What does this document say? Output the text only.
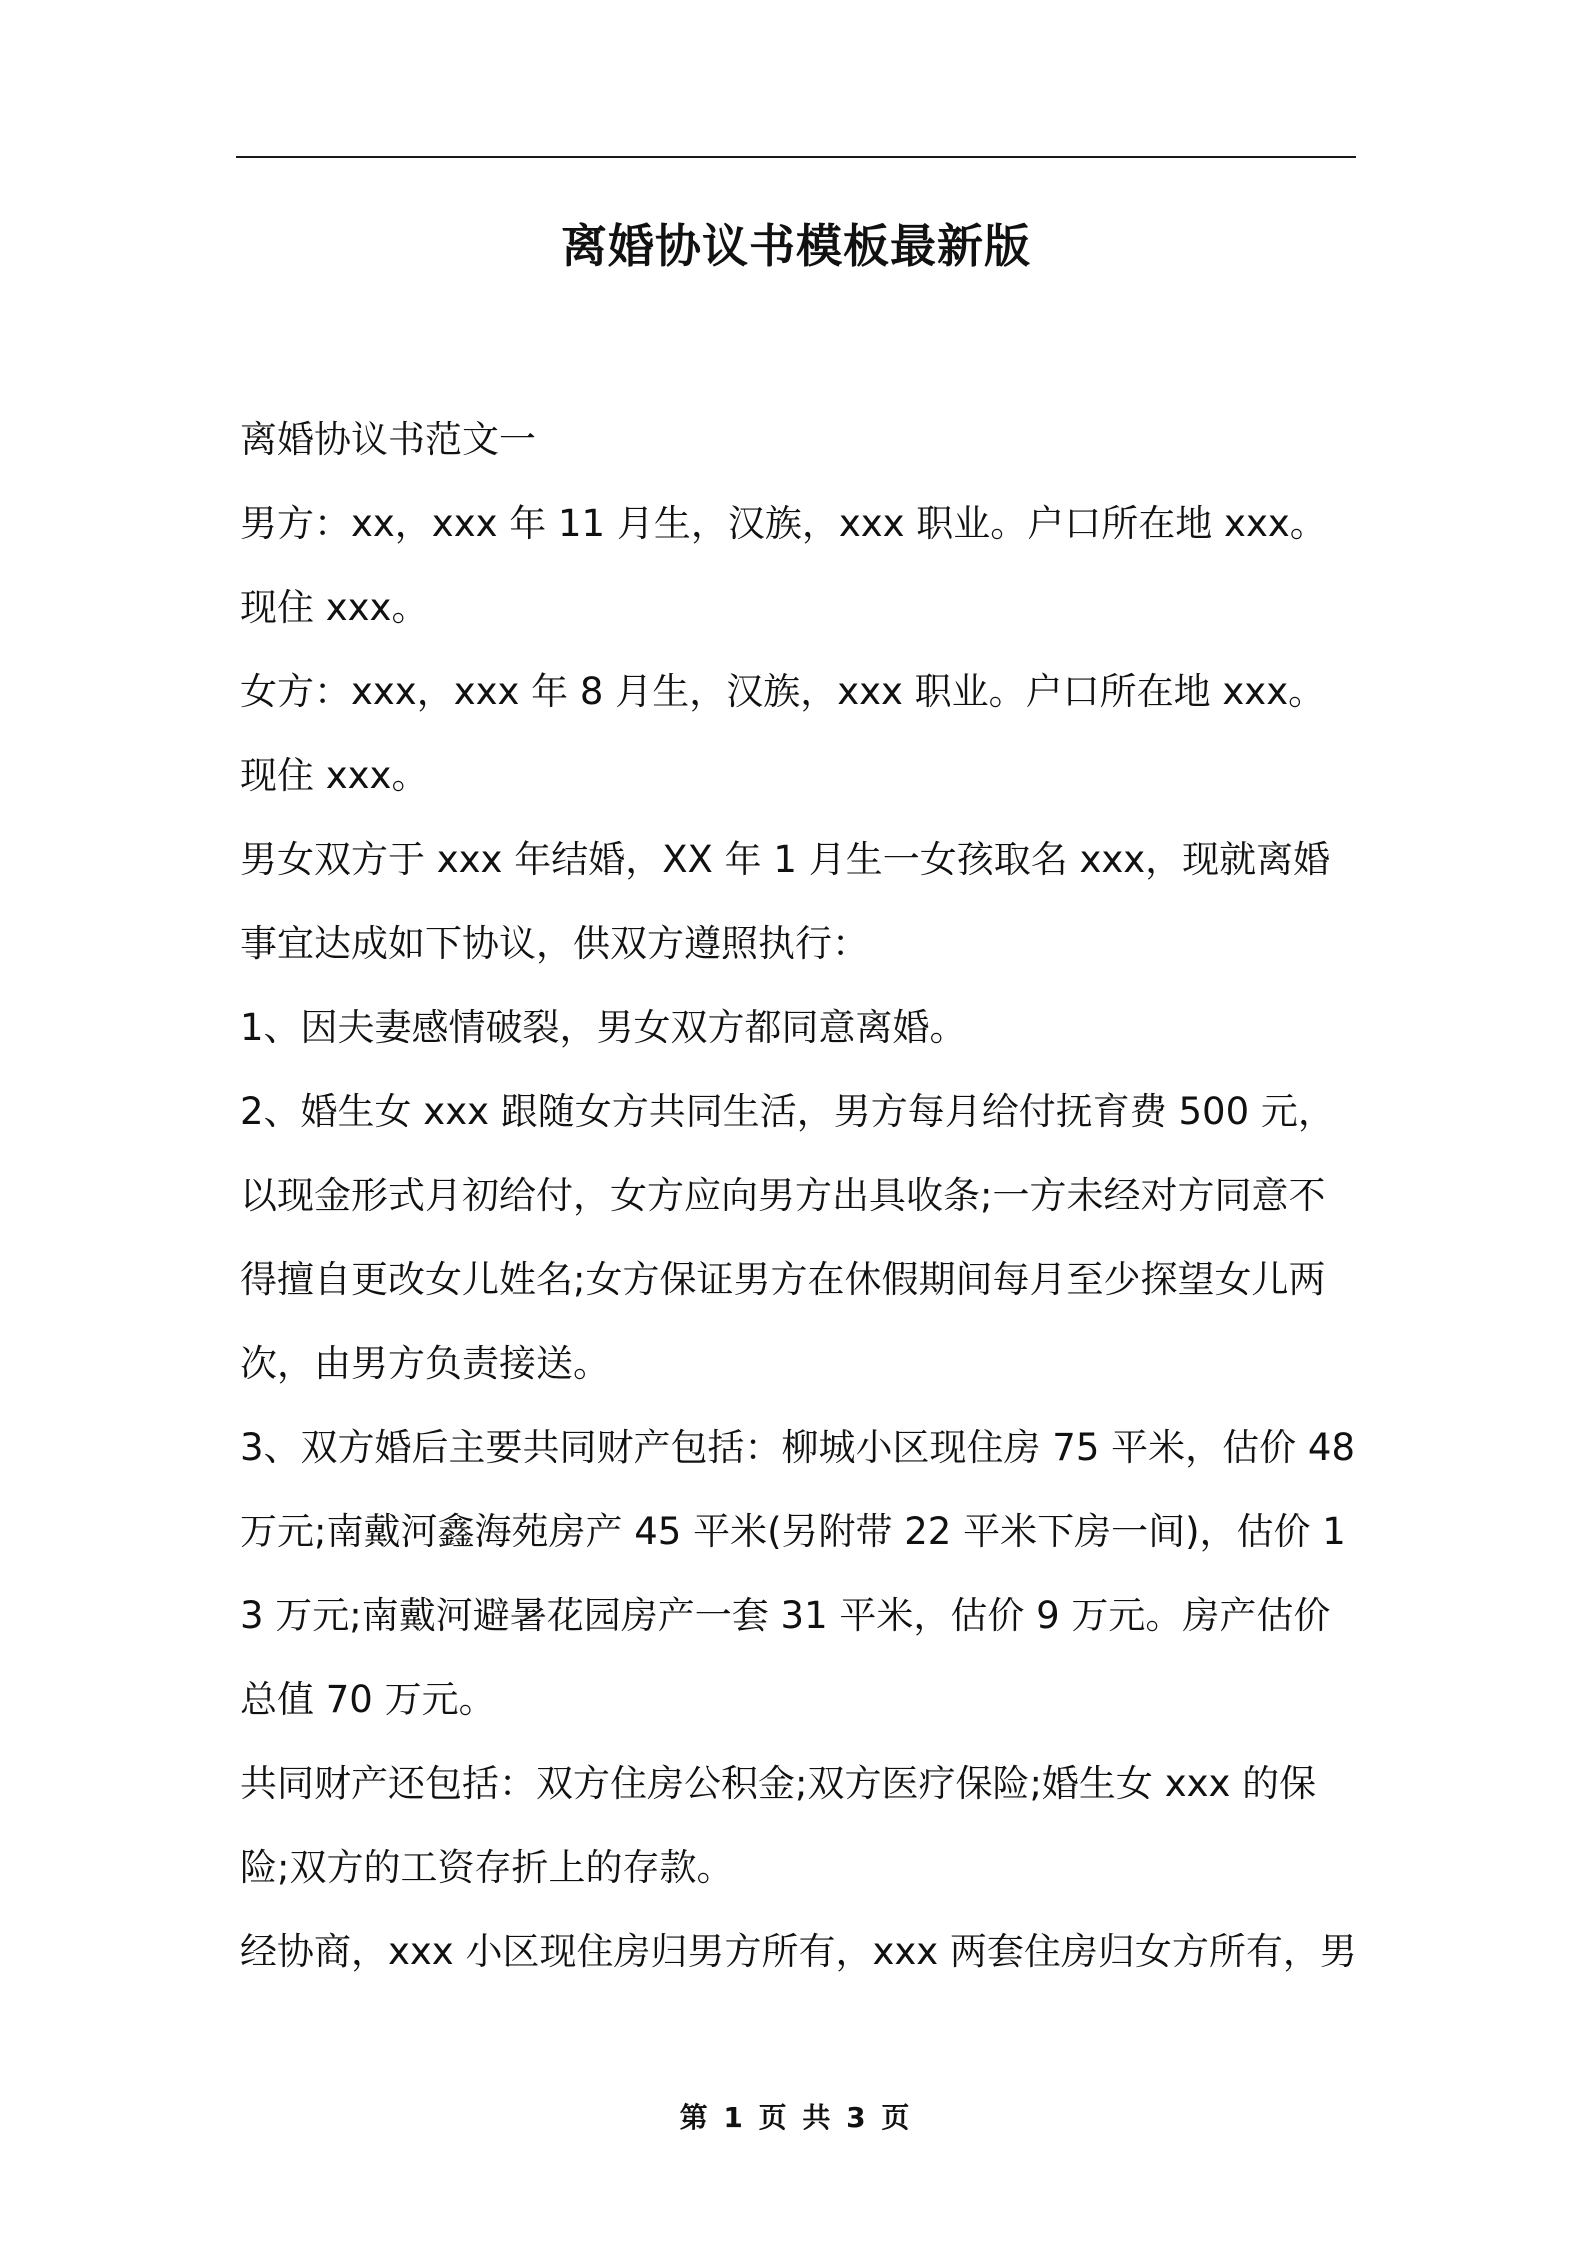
离婚协议书模板最新版

离婚协议书范文一

男方：xx，xxx 年 11 月生，汉族，xxx 职业。户口所在地 xxx。现住 xxx。

女方：xxx，xxx 年 8 月生，汉族，xxx 职业。户口所在地 xxx。现住 xxx。

男女双方于 xxx 年结婚，XX 年 1 月生一女孩取名 xxx，现就离婚事宜达成如下协议，供双方遵照执行：

1、因夫妻感情破裂，男女双方都同意离婚。

2、婚生女 xxx 跟随女方共同生活，男方每月给付抚育费 500 元，以现金形式月初给付，女方应向男方出具收条;一方未经对方同意不得擅自更改女儿姓名;女方保证男方在休假期间每月至少探望女儿两次，由男方负责接送。

3、双方婚后主要共同财产包括：柳城小区现住房 75 平米，估价 48 万元;南戴河鑫海苑房产 45 平米(另附带 22 平米下房一间)，估价 13 万元;南戴河避暑花园房产一套 31 平米，估价 9 万元。房产估价总值 70 万元。

共同财产还包括：双方住房公积金;双方医疗保险;婚生女 xxx 的保险;双方的工资存折上的存款。

经协商，xxx 小区现住房归男方所有，xxx 两套住房归女方所有，男

第 1 页 共 3 页
